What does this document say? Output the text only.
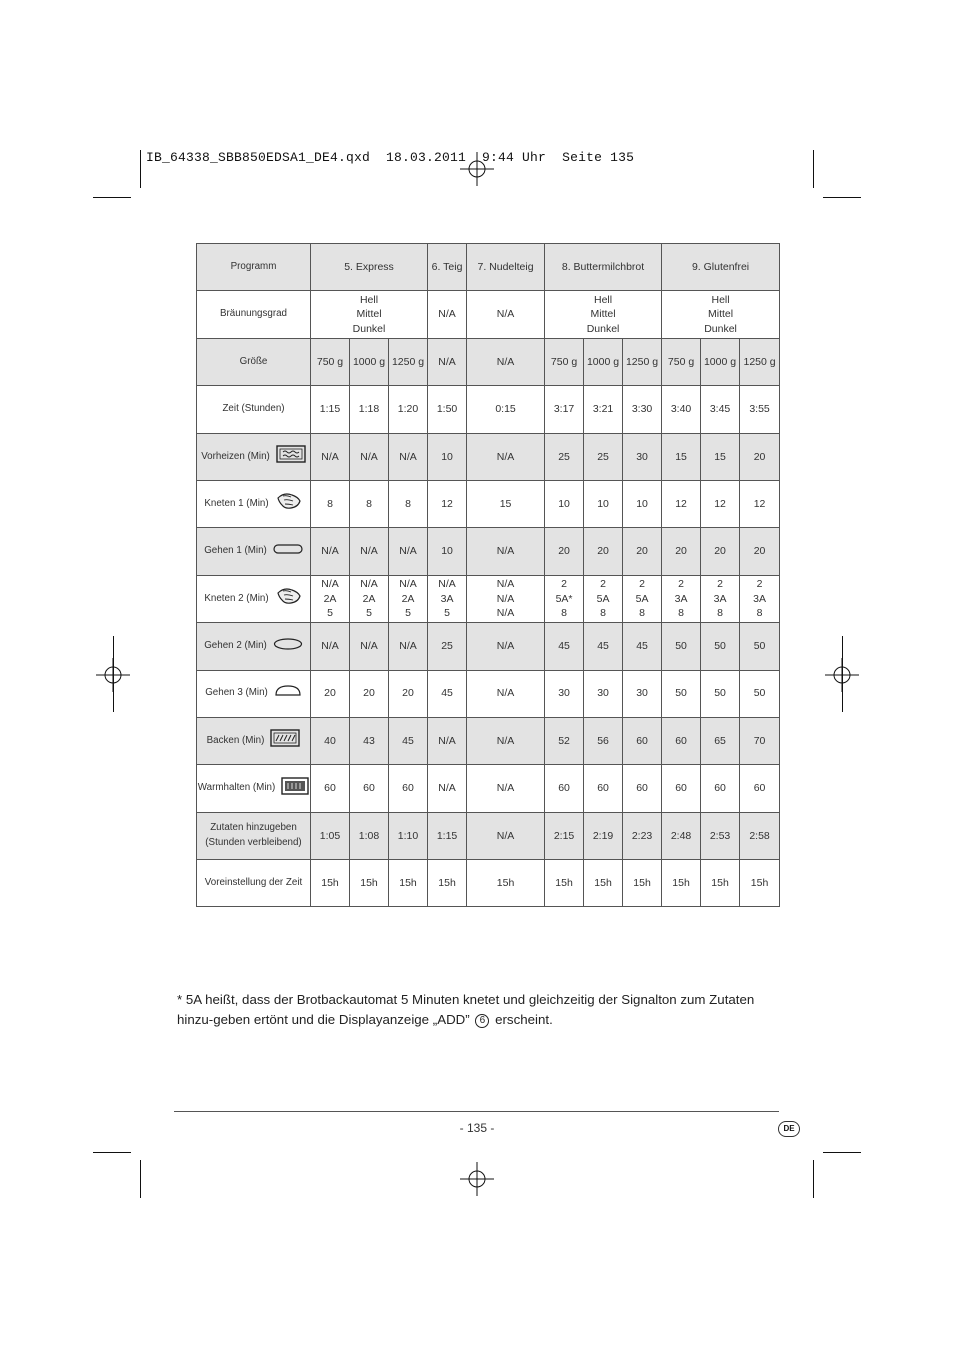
IB_64338_SBB850EDSA1_DE4.qxd  18.03.2011  9:44 Uhr  Seite 135
Programm	5. Express			6. Teig	7. Nudelteig	8. Buttermilchbrot			9. Glutenfrei		
Bräunungsgrad	Hell
Mittel
Dunkel			N/A	N/A	Hell
Mittel
Dunkel			Hell
Mittel
Dunkel		
Größe	750 g	1000 g	1250 g	N/A	N/A	750 g	1000 g	1250 g	750 g	1000 g	1250 g

Zeit (Stunden)	1:15	1:18	1:20	1:50	0:15	3:17	3:21	3:30	3:40	3:45	3:55

Vorheizen (Min)	N/A	N/A	N/A	10	N/A	25	25	30	15	15	20

Kneten 1 (Min)	8	8	8	12	15	10	10	10	12	12	12

Gehen 1 (Min)	N/A	N/A	N/A	10	N/A	20	20	20	20	20	20

Kneten 2 (Min)	N/A
2A
5	N/A
2A
5	N/A
2A
5	N/A
3A
5	N/A
N/A
N/A	2
5A*
8	2
5A
8	2
5A
8	2
3A
8	2
3A
8	2
3A
8

Gehen 2 (Min)	N/A	N/A	N/A	25	N/A	45	45	45	50	50	50

Gehen 3 (Min)	20	20	20	45	N/A	30	30	30	50	50	50

Backen (Min)	40	43	45	N/A	N/A	52	56	60	60	65	70

Warmhalten (Min)	60	60	60	N/A	N/A	60	60	60	60	60	60

Zutaten hinzugeben
(Stunden verbleibend)	1:05	1:08	1:10	1:15	N/A	2:15	2:19	2:23	2:48	2:53	2:58

Voreinstellung der Zeit	15h	15h	15h	15h	15h	15h	15h	15h	15h	15h	15h
* 5A heißt, dass der Brotbackautomat 5 Minuten knetet und gleichzeitig der Signalton zum Zutaten hinzu-geben ertönt und die Displayanzeige „ADD” 6 erscheint.
- 135 -	DE
